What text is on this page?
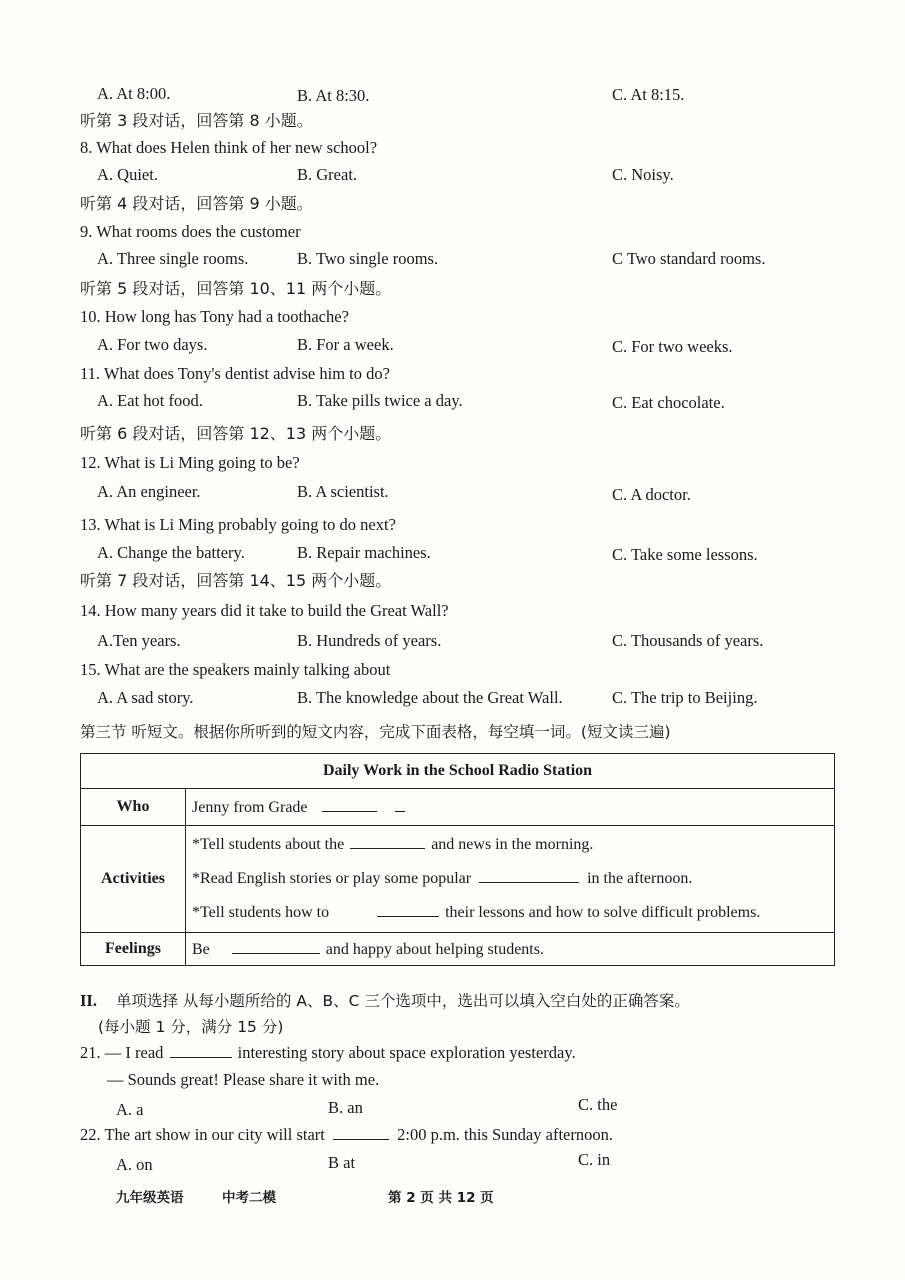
A. At 8:00.	B. At 8:30.	C. At 8:15.
听第 3 段对话，回答第 8 小题。
8. What does Helen think of her new school?
A. Quiet.	B. Great.	C. Noisy.
听第 4 段对话，回答第 9 小题。
9. What rooms does the customer
A. Three single rooms.	B. Two single rooms.	C Two standard rooms.
听第 5 段对话，回答第 10、11 两个小题。
10. How long has Tony had a toothache?
A. For two days.	B. For a week.	C. For two weeks.
11. What does Tony's dentist advise him to do?
A. Eat hot food.	B. Take pills twice a day.	C. Eat chocolate.
听第 6 段对话，回答第 12、13 两个小题。
12. What is Li Ming going to be?
A. An engineer.	B. A scientist.	C. A doctor.
13. What is Li Ming probably going to do next?
A. Change the battery.	B. Repair machines.	C. Take some lessons.
听第 7 段对话，回答第 14、15 两个小题。
14. How many years did it take to build the Great Wall?
A.Ten years.	B. Hundreds of years.	C. Thousands of years.
15. What are the speakers mainly talking about
A. A sad story.	B. The knowledge about the Great Wall.	C. The trip to Beijing.
第三节 听短文。根据你所听到的短文内容，完成下面表格，每空填一词。(短文读三遍)
Daily Work in the School Radio Station	
Who	Jenny from Grade
Activities	*Tell students about the and news in the morning.
*Read English stories or play some popular in the afternoon.
*Tell students how to their lessons and how to solve difficult problems.

Feelings	Be and happy about helping students.
II. 单项选择 从每小题所给的 A、B、C 三个选项中，选出可以填入空白处的正确答案。
(每小题 1 分，满分 15 分)
21. — I read	interesting story about space exploration yesterday.
— Sounds great! Please share it with me.
A. a	B. an	C. the
22. The art show in our city will start	2:00 p.m. this Sunday afternoon.
A. on	B at	C. in
九年级英语	中考二模	第 2 页 共 12 页
